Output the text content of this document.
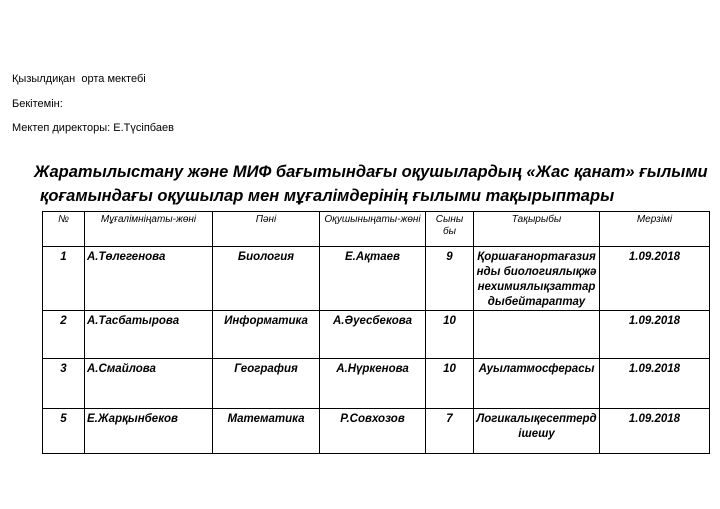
Қызылдиқан  орта мектебі
Бекітемін:
Мектеп директоры: Е.Түсіпбаев
Жаратылыстану және МИФ бағытындағы оқушылардың «Жас қанат» ғылыми
қоғамындағы оқушылар мен мұғалімдерінің ғылыми тақырыптары
№	Мұғалімніңаты-жөні	Пәні	Оқушыныңаты-жөні	Сыны бы	Тақырыбы	Мерзімі
1	А.Төлегенова	Биология	Е.Ақтаев	9	Қоршағанортағазиянды биологиялықжәнехимиялықзаттардыбейтараптау	1.09.2018
2	А.Тасбатырова	Информатика	А.Әуесбекова	10		1.09.2018
3	А.Смайлова	География	А.Нүркенова	10	Ауылатмосферасы	1.09.2018
5	Е.Жарқынбеков	Математика	Р.Совхозов	7	Логикалықесептердішешу	1.09.2018
